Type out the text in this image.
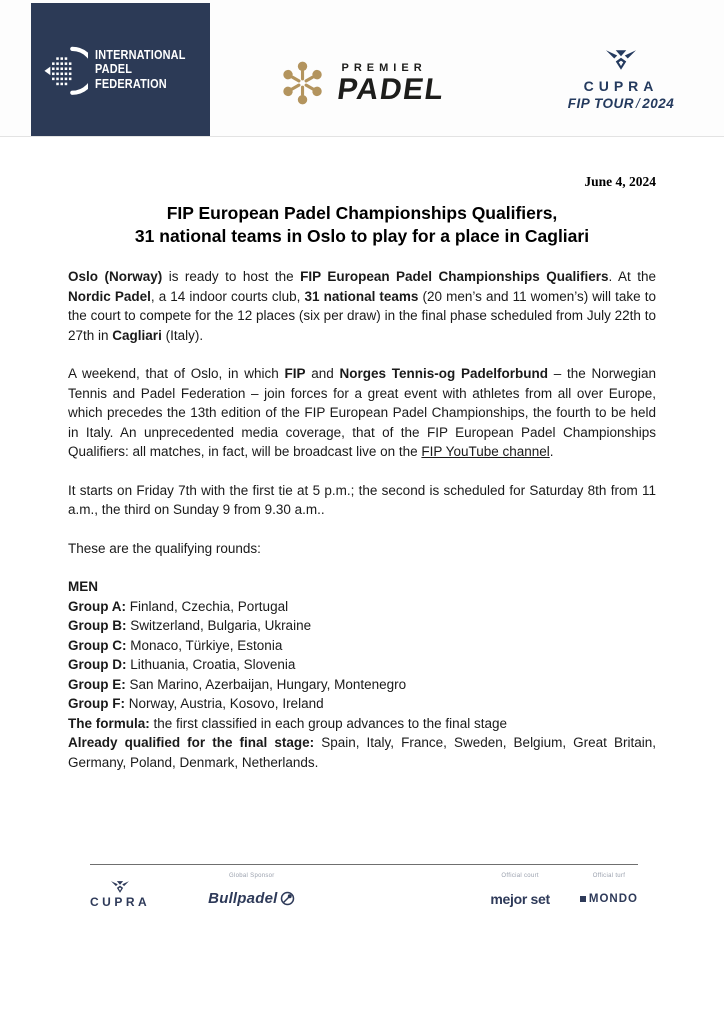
INTERNATIONAL
PADEL
FEDERATION
PREMIER
PADEL	CUPRA
FIP TOUR / 2024
June 4, 2024
FIP European Padel Championships Qualifiers,
31 national teams in Oslo to play for a place in Cagliari

Oslo (Norway) is ready to host the FIP European Padel Championships Qualifiers. At the Nordic Padel, a 14 indoor courts club, 31 national teams (20 men’s and 11 women’s) will take to the court to compete for the 12 places (six per draw) in the final phase scheduled from July 22th to 27th in Cagliari (Italy).

A weekend, that of Oslo, in which FIP and Norges Tennis-og Padelforbund – the Norwegian Tennis and Padel Federation – join forces for a great event with athletes from all over Europe, which precedes the 13th edition of the FIP European Padel Championships, the fourth to be held in Italy. An unprecedented media coverage, that of the FIP European Padel Championships Qualifiers: all matches, in fact, will be broadcast live on the FIP YouTube channel.

It starts on Friday 7th with the first tie at 5 p.m.; the second is scheduled for Saturday 8th from 11 a.m., the third on Sunday 9 from 9.30 a.m..

These are the qualifying rounds:

MEN
Group A: Finland, Czechia, Portugal
Group B: Switzerland, Bulgaria, Ukraine
Group C: Monaco, Türkiye, Estonia
Group D: Lithuania, Croatia, Slovenia
Group E: San Marino, Azerbaijan, Hungary, Montenegro
Group F: Norway, Austria, Kosovo, Ireland
The formula: the first classified in each group advances to the final stage
Already qualified for the final stage: Spain, Italy, France, Sweden, Belgium, Great Britain, Germany, Poland, Denmark, Netherlands.
CUPRA
Global Sponsor
Bullpadel
Official court
mejor set
Official turf
MONDO
